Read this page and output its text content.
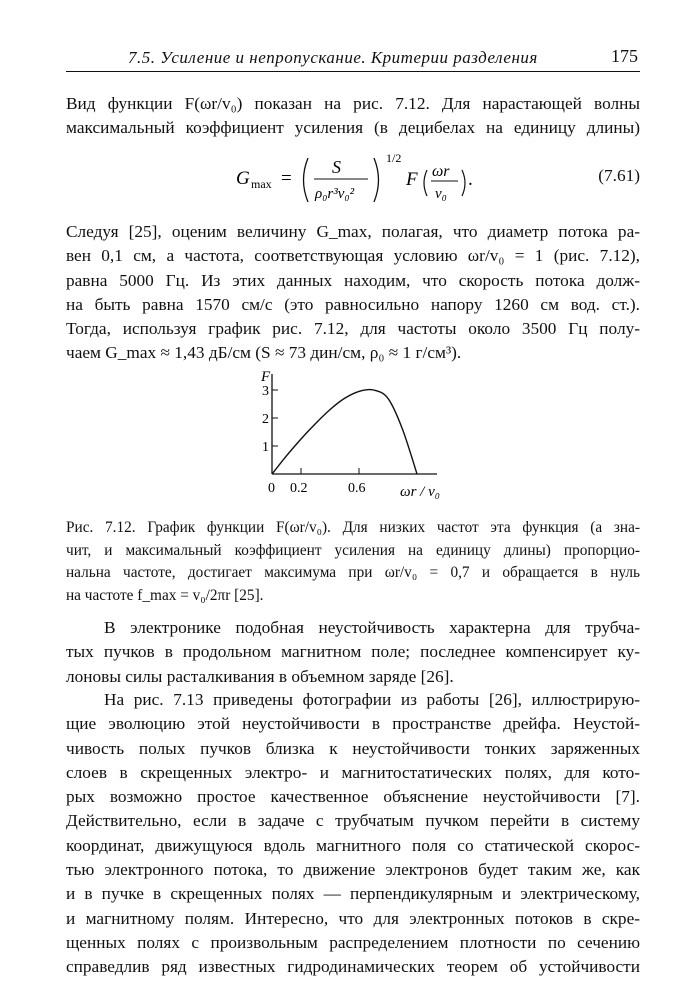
7.5. Усиление и непропускание. Критерии разделения	175
Вид функции F(ωr/v₀) показан на рис. 7.12. Для нарастающей волны
максимальный коэффициент усиления (в децибелах на единицу длины)
G max =
S
ρ₀r³v₀²
1/2
F ωr
v₀
.	(7.61)
Следуя [25], оценим величину G_max, полагая, что диаметр потока ра-
вен 0,1 см, а частота, соответствующая условию ωr/v₀ = 1 (рис. 7.12),
равна 5000 Гц. Из этих данных находим, что скорость потока долж-
на быть равна 1570 см/с (это равносильно напору 1260 см вод. ст.).
Тогда, используя график рис. 7.12, для частоты около 3500 Гц полу-
чаем G_max ≈ 1,43 дБ/см (S ≈ 73 дин/см, ρ₀ ≈ 1 г/см³).
F
ωr / v₀
1
2
3
0 0.2	0.6
Рис. 7.12. График функции F(ωr/v₀). Для низких частот эта функция (а зна-
чит, и максимальный коэффициент усиления на единицу длины) пропорцио-
нальна частоте, достигает максимума при ωr/v₀ = 0,7 и обращается в нуль
на частоте f_max = v₀/2πr [25].
В электронике подобная неустойчивость характерна для трубча-
тых пучков в продольном магнитном поле; последнее компенсирует ку-
лоновы силы расталкивания в объемном заряде [26].
На рис. 7.13 приведены фотографии из работы [26], иллюстрирую-
щие эволюцию этой неустойчивости в пространстве дрейфа. Неустой-
чивость полых пучков близка к неустойчивости тонких заряженных
слоев в скрещенных электро- и магнитостатических полях, для кото-
рых возможно простое качественное объяснение неустойчивости [7].
Действительно, если в задаче с трубчатым пучком перейти в систему
координат, движущуюся вдоль магнитного поля со статической скорос-
тью электронного потока, то движение электронов будет таким же, как
и в пучке в скрещенных полях — перпендикулярным и электрическому,
и магнитному полям. Интересно, что для электронных потоков в скре-
щенных полях с произвольным распределением плотности по сечению
справедлив ряд известных гидродинамических теорем об устойчивости
